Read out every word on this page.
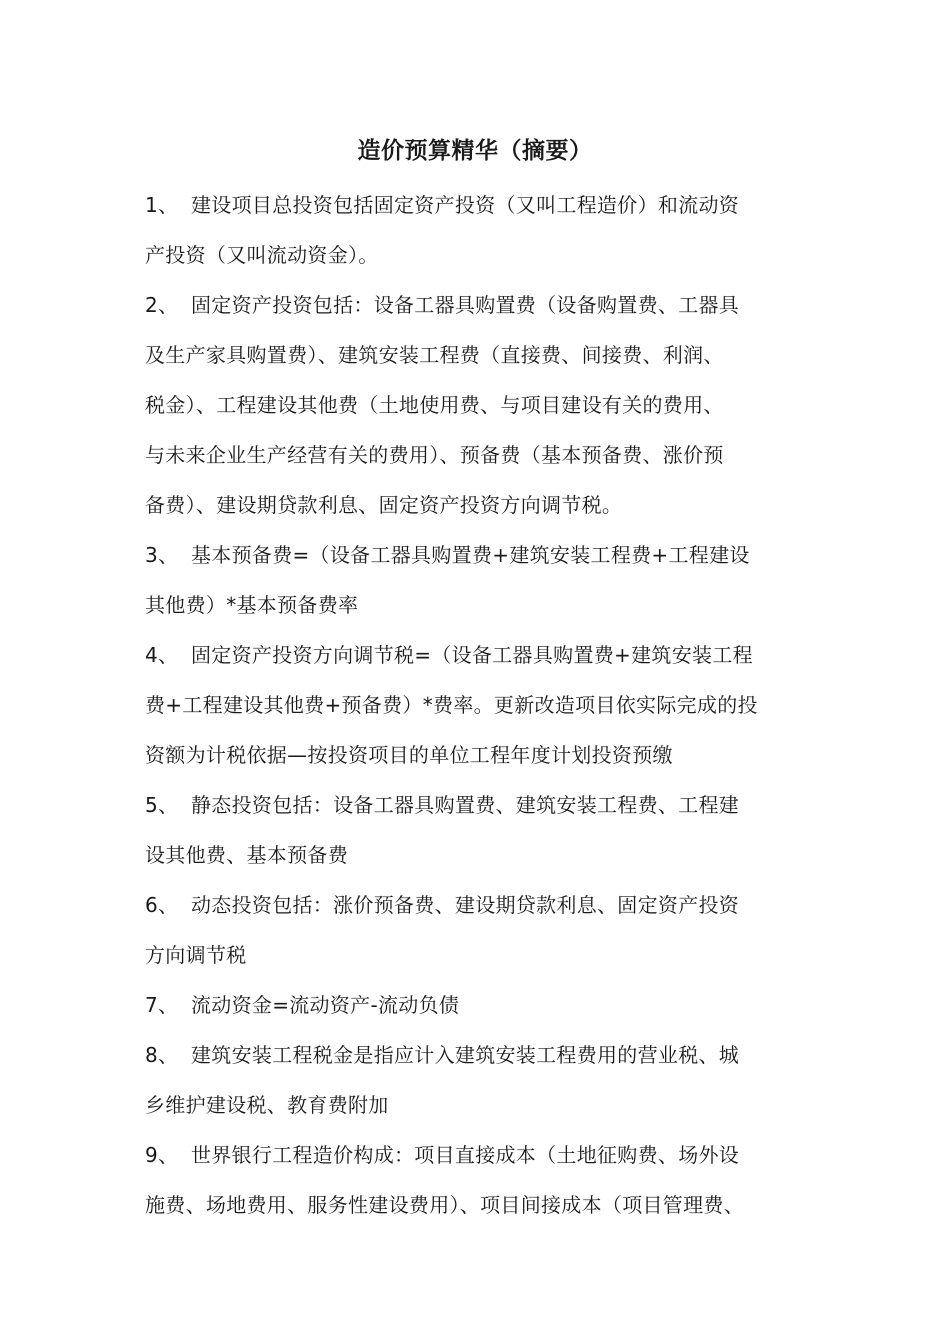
造价预算精华（摘要）
1、 建设项目总投资包括固定资产投资（又叫工程造价）和流动资
产投资（又叫流动资金）。
2、 固定资产投资包括：设备工器具购置费（设备购置费、工器具
及生产家具购置费）、建筑安装工程费（直接费、间接费、利润、
税金）、工程建设其他费（土地使用费、与项目建设有关的费用、
与未来企业生产经营有关的费用）、预备费（基本预备费、涨价预
备费）、建设期贷款利息、固定资产投资方向调节税。
3、 基本预备费=（设备工器具购置费+建筑安装工程费+工程建设
其他费）*基本预备费率
4、 固定资产投资方向调节税=（设备工器具购置费+建筑安装工程
费+工程建设其他费+预备费）*费率。更新改造项目依实际完成的投
资额为计税依据—按投资项目的单位工程年度计划投资预缴
5、 静态投资包括：设备工器具购置费、建筑安装工程费、工程建
设其他费、基本预备费
6、 动态投资包括：涨价预备费、建设期贷款利息、固定资产投资
方向调节税
7、 流动资金=流动资产-流动负债
8、 建筑安装工程税金是指应计入建筑安装工程费用的营业税、城
乡维护建设税、教育费附加
9、 世界银行工程造价构成：项目直接成本（土地征购费、场外设
施费、场地费用、服务性建设费用）、项目间接成本（项目管理费、
